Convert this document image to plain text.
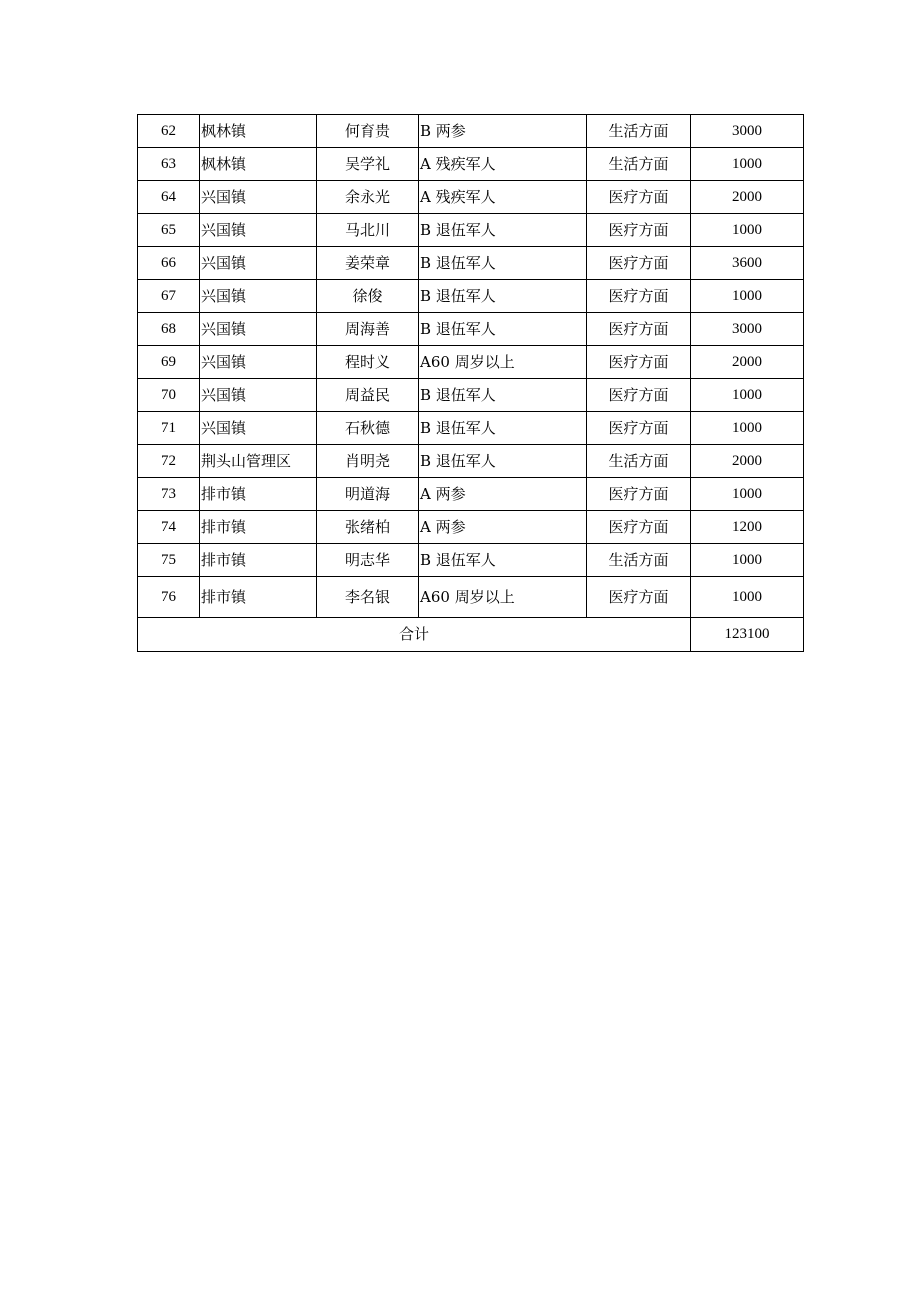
62	枫林镇	何育贵	B 两参	生活方面	3000
63	枫林镇	吴学礼	A 残疾军人	生活方面	1000
64	兴国镇	余永光	A 残疾军人	医疗方面	2000
65	兴国镇	马北川	B 退伍军人	医疗方面	1000
66	兴国镇	姜荣章	B 退伍军人	医疗方面	3600
67	兴国镇	徐俊	B 退伍军人	医疗方面	1000
68	兴国镇	周海善	B 退伍军人	医疗方面	3000
69	兴国镇	程时义	A60 周岁以上	医疗方面	2000
70	兴国镇	周益民	B 退伍军人	医疗方面	1000
71	兴国镇	石秋德	B 退伍军人	医疗方面	1000
72	荆头山管理区	肖明尧	B 退伍军人	生活方面	2000
73	排市镇	明道海	A 两参	医疗方面	1000
74	排市镇	张绪柏	A 两参	医疗方面	1200
75	排市镇	明志华	B 退伍军人	生活方面	1000
76	排市镇	李名银	A60 周岁以上	医疗方面	1000
合计					123100
